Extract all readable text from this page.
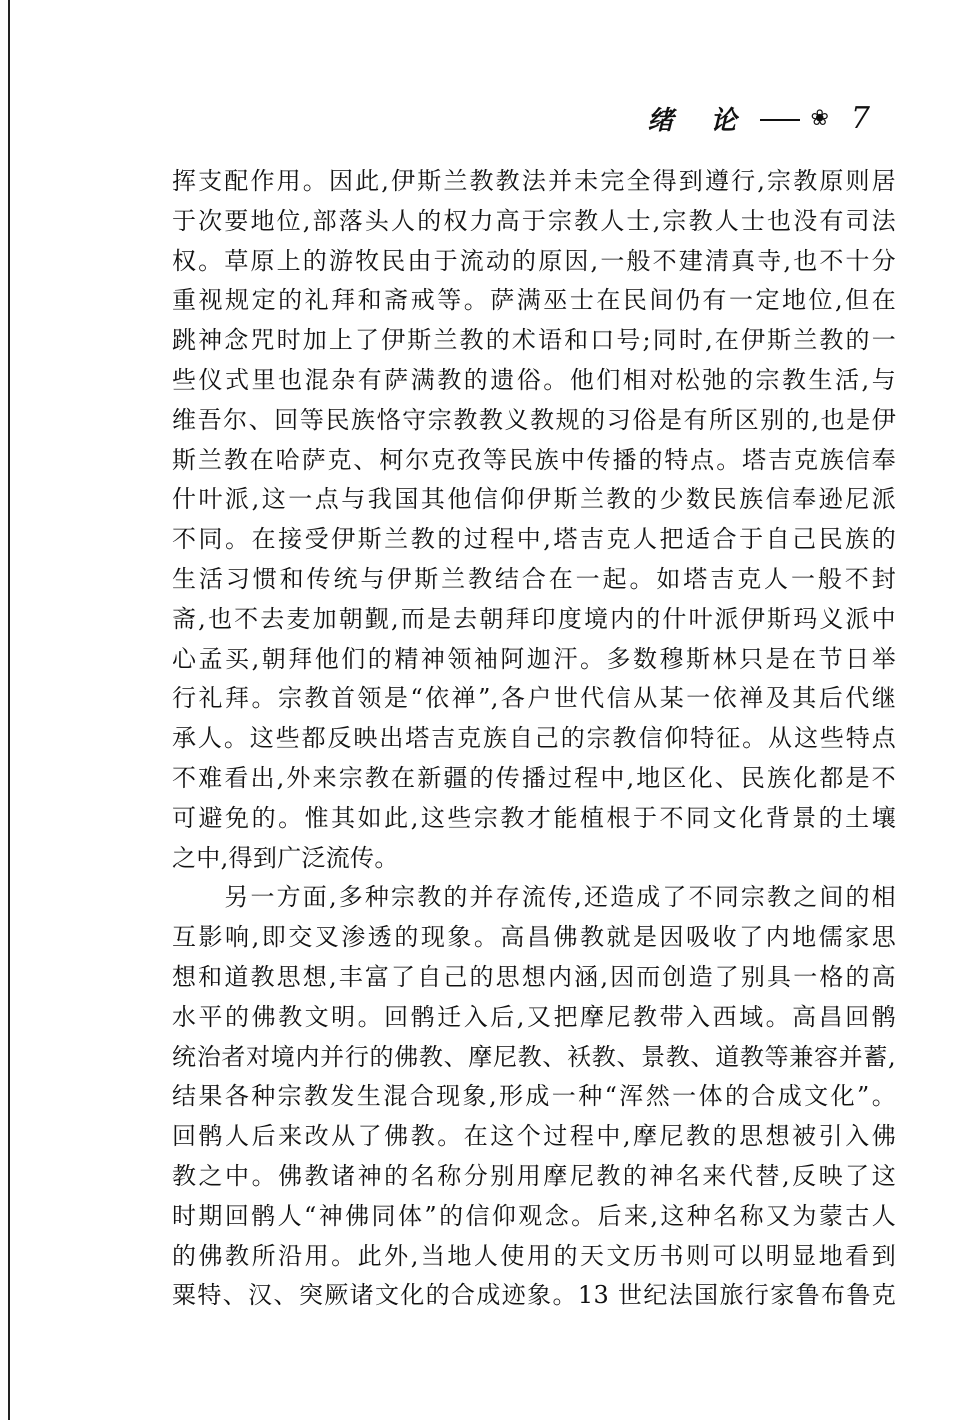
绪 论	❀ 7
挥支配作用。因此,伊斯兰教教法并未完全得到遵行,宗教原则居
于次要地位,部落头人的权力高于宗教人士,宗教人士也没有司法
权。草原上的游牧民由于流动的原因,一般不建清真寺,也不十分
重视规定的礼拜和斋戒等。萨满巫士在民间仍有一定地位,但在
跳神念咒时加上了伊斯兰教的术语和口号;同时,在伊斯兰教的一
些仪式里也混杂有萨满教的遗俗。他们相对松弛的宗教生活,与
维吾尔、回等民族恪守宗教教义教规的习俗是有所区别的,也是伊
斯兰教在哈萨克、柯尔克孜等民族中传播的特点。塔吉克族信奉
什叶派,这一点与我国其他信仰伊斯兰教的少数民族信奉逊尼派
不同。在接受伊斯兰教的过程中,塔吉克人把适合于自己民族的
生活习惯和传统与伊斯兰教结合在一起。如塔吉克人一般不封
斋,也不去麦加朝觐,而是去朝拜印度境内的什叶派伊斯玛义派中
心孟买,朝拜他们的精神领袖阿迦汗。多数穆斯林只是在节日举
行礼拜。宗教首领是“依禅”,各户世代信从某一依禅及其后代继
承人。这些都反映出塔吉克族自己的宗教信仰特征。从这些特点
不难看出,外来宗教在新疆的传播过程中,地区化、民族化都是不
可避免的。惟其如此,这些宗教才能植根于不同文化背景的土壤
之中,得到广泛流传。
　　另一方面,多种宗教的并存流传,还造成了不同宗教之间的相
互影响,即交叉渗透的现象。高昌佛教就是因吸收了内地儒家思
想和道教思想,丰富了自己的思想内涵,因而创造了别具一格的高
水平的佛教文明。回鹘迁入后,又把摩尼教带入西域。高昌回鹘
统治者对境内并行的佛教、摩尼教、袄教、景教、道教等兼容并蓄,
结果各种宗教发生混合现象,形成一种“浑然一体的合成文化”。
回鹘人后来改从了佛教。在这个过程中,摩尼教的思想被引入佛
教之中。佛教诸神的名称分别用摩尼教的神名来代替,反映了这
时期回鹘人“神佛同体”的信仰观念。后来,这种名称又为蒙古人
的佛教所沿用。此外,当地人使用的天文历书则可以明显地看到
粟特、汉、突厥诸文化的合成迹象。13 世纪法国旅行家鲁布鲁克
